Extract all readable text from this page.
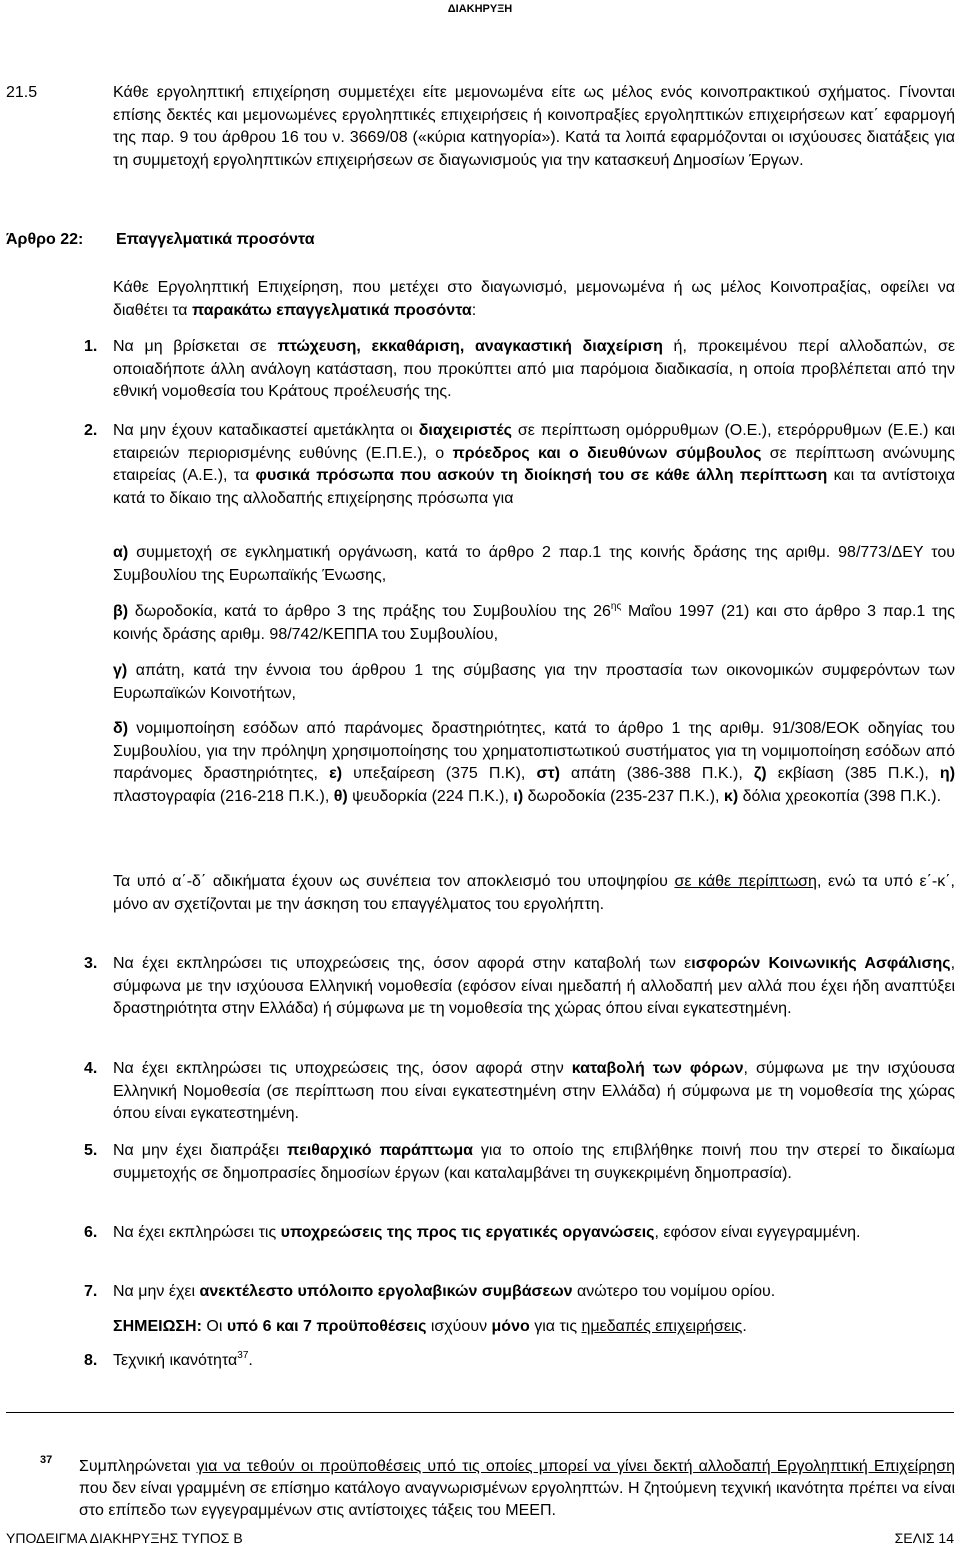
ΔΙΑΚΗΡΥΞΗ
21.5	Κάθε εργοληπτική επιχείρηση συμμετέχει είτε μεμονωμένα είτε ως μέλος ενός κοινοπρακτικού σχήματος. Γίνονται επίσης δεκτές και μεμονωμένες εργοληπτικές επιχειρήσεις ή κοινοπραξίες εργοληπτικών επιχειρήσεων κατ΄ εφαρμογή της παρ. 9 του άρθρου 16 του ν. 3669/08 («κύρια κατηγορία»). Κατά τα λοιπά εφαρμόζονται οι ισχύουσες διατάξεις για τη συμμετοχή εργοληπτικών επιχειρήσεων σε διαγωνισμούς για την κατασκευή Δημοσίων Έργων.

Άρθρο 22: Επαγγελματικά προσόντα

Κάθε Εργοληπτική Επιχείρηση, που μετέχει στο διαγωνισμό, μεμονωμένα ή ως μέλος Κοινοπραξίας, οφείλει να διαθέτει τα παρακάτω επαγγελματικά προσόντα:

1. Να μη βρίσκεται σε πτώχευση, εκκαθάριση, αναγκαστική διαχείριση ή, προκειμένου περί αλλοδαπών, σε οποιαδήποτε άλλη ανάλογη κατάσταση, που προκύπτει από μια παρόμοια διαδικασία, η οποία προβλέπεται από την εθνική νομοθεσία του Κράτους προέλευσής της.

2. Να μην έχουν καταδικαστεί αμετάκλητα οι διαχειριστές σε περίπτωση ομόρρυθμων (Ο.Ε.), ετερόρρυθμων (Ε.Ε.) και εταιρειών περιορισμένης ευθύνης (Ε.Π.Ε.), ο πρόεδρος και ο διευθύνων σύμβουλος σε περίπτωση ανώνυμης εταιρείας (Α.Ε.), τα φυσικά πρόσωπα που ασκούν τη διοίκησή του σε κάθε άλλη περίπτωση και τα αντίστοιχα κατά το δίκαιο της αλλοδαπής επιχείρησης πρόσωπα για

α) συμμετοχή σε εγκληματική οργάνωση, κατά το άρθρο 2 παρ.1 της κοινής δράσης της αριθμ. 98/773/ΔΕΥ του Συμβουλίου της Ευρωπαϊκής Ένωσης,

β) δωροδοκία, κατά το άρθρο 3 της πράξης του Συμβουλίου της $26^{\eta\varsigma}$ Μαΐου 1997 (21) και στο άρθρο 3 παρ.1 της κοινής δράσης αριθμ. 98/742/ΚΕΠΠΑ του Συμβουλίου,

γ) απάτη, κατά την έννοια του άρθρου 1 της σύμβασης για την προστασία των οικονομικών συμφερόντων των Ευρωπαϊκών Κοινοτήτων,

δ) νομιμοποίηση εσόδων από παράνομες δραστηριότητες, κατά το άρθρο 1 της αριθμ. 91/308/ΕΟΚ οδηγίας του Συμβουλίου, για την πρόληψη χρησιμοποίησης του χρηματοπιστωτικού συστήματος για τη νομιμοποίηση εσόδων από παράνομες δραστηριότητες, ε) υπεξαίρεση (375 Π.Κ), στ) απάτη (386-388 Π.Κ.), ζ) εκβίαση (385 Π.Κ.), η) πλαστογραφία (216-218 Π.Κ.), θ) ψευδορκία (224 Π.Κ.), ι) δωροδοκία (235-237 Π.Κ.), κ) δόλια χρεοκοπία (398 Π.Κ.).

Τα υπό α΄-δ΄ αδικήματα έχουν ως συνέπεια τον αποκλεισμό του υποψηφίου σε κάθε περίπτωση, ενώ τα υπό ε΄-κ΄, μόνο αν σχετίζονται με την άσκηση του επαγγέλματος του εργολήπτη.

3. Να έχει εκπληρώσει τις υποχρεώσεις της, όσον αφορά στην καταβολή των εισφορών Κοινωνικής Ασφάλισης, σύμφωνα με την ισχύουσα Ελληνική νομοθεσία (εφόσον είναι ημεδαπή ή αλλοδαπή μεν αλλά που έχει ήδη αναπτύξει δραστηριότητα στην Ελλάδα) ή σύμφωνα με τη νομοθεσία της χώρας όπου είναι εγκατεστημένη.

4. Να έχει εκπληρώσει τις υποχρεώσεις της, όσον αφορά στην καταβολή των φόρων, σύμφωνα με την ισχύουσα Ελληνική Νομοθεσία (σε περίπτωση που είναι εγκατεστημένη στην Ελλάδα) ή σύμφωνα με τη νομοθεσία της χώρας όπου είναι εγκατεστημένη.

5. Να μην έχει διαπράξει πειθαρχικό παράπτωμα για το οποίο της επιβλήθηκε ποινή που την στερεί το δικαίωμα συμμετοχής σε δημοπρασίες δημοσίων έργων (και καταλαμβάνει τη συγκεκριμένη δημοπρασία).

6. Να έχει εκπληρώσει τις υποχρεώσεις της προς τις εργατικές οργανώσεις, εφόσον είναι εγγεγραμμένη.

7. Να μην έχει ανεκτέλεστο υπόλοιπο εργολαβικών συμβάσεων ανώτερο του νομίμου ορίου.

ΣΗΜΕΙΩΣΗ: Οι υπό 6 και 7 προϋποθέσεις ισχύουν μόνο για τις ημεδαπές επιχειρήσεις.

8. Τεχνική ικανότητα$^{37}$.

37 Συμπληρώνεται για να τεθούν οι προϋποθέσεις υπό τις οποίες μπορεί να γίνει δεκτή αλλοδαπή Εργοληπτική Επιχείρηση που δεν είναι γραμμένη σε επίσημο κατάλογο αναγνωρισμένων εργοληπτών. Η ζητούμενη τεχνική ικανότητα πρέπει να είναι στο επίπεδο των εγγεγραμμένων στις αντίστοιχες τάξεις του ΜΕΕΠ.

ΥΠΟΔΕΙΓΜΑ ΔΙΑΚΗΡΥΞΗΣ ΤΥΠΟΣ Β	ΣΕΛΙΣ 14
